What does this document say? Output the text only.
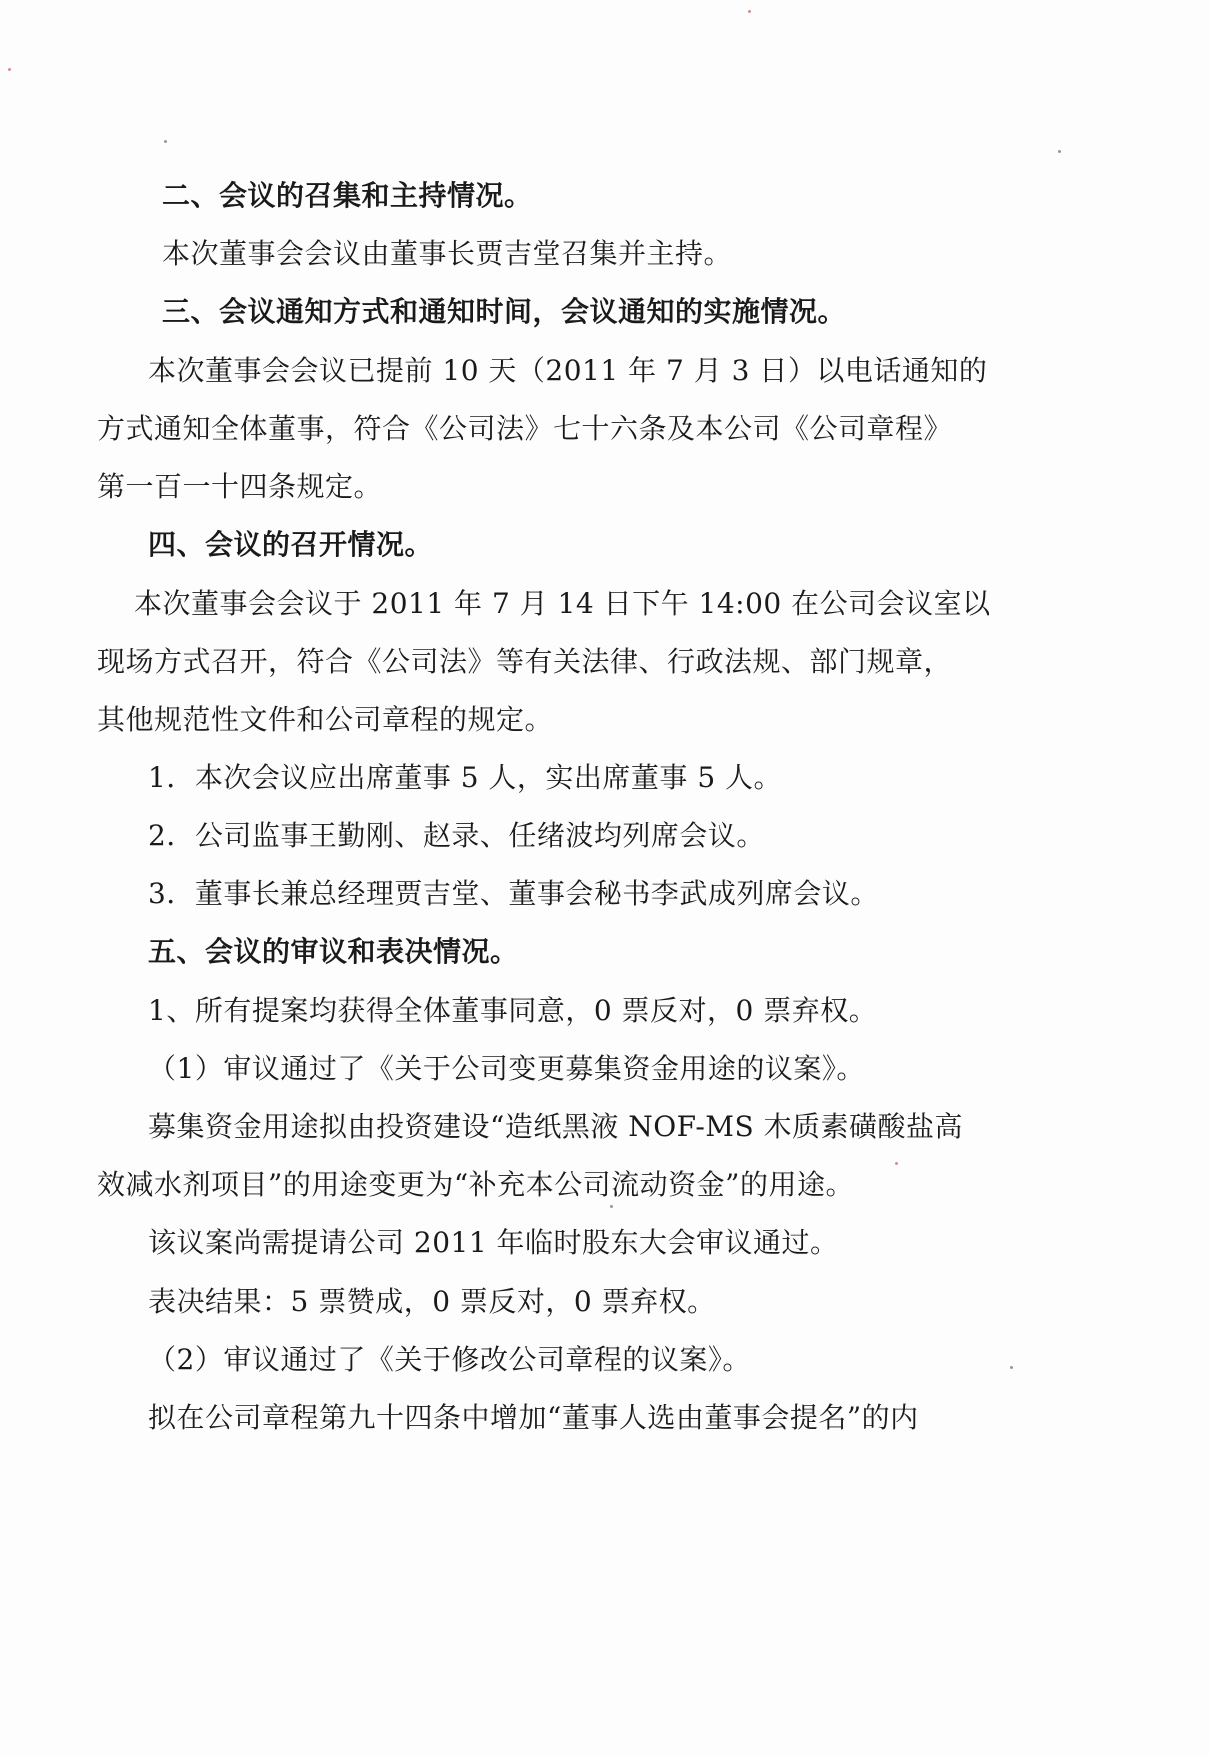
二、会议的召集和主持情况。
本次董事会会议由董事长贾吉堂召集并主持。
三、会议通知方式和通知时间，会议通知的实施情况。
本次董事会会议已提前 10 天（2011 年 7 月 3 日）以电话通知的
方式通知全体董事，符合《公司法》七十六条及本公司《公司章程》
第一百一十四条规定。
四、会议的召开情况。
本次董事会会议于 2011 年 7 月 14 日下午 14:00 在公司会议室以
现场方式召开，符合《公司法》等有关法律、行政法规、部门规章，
其他规范性文件和公司章程的规定。
1．本次会议应出席董事 5 人，实出席董事 5 人。
2．公司监事王勤刚、赵录、任绪波均列席会议。
3．董事长兼总经理贾吉堂、董事会秘书李武成列席会议。
五、会议的审议和表决情况。
1、所有提案均获得全体董事同意，0 票反对，0 票弃权。
（1）审议通过了《关于公司变更募集资金用途的议案》。
募集资金用途拟由投资建设“造纸黑液 NOF-MS 木质素磺酸盐高
效减水剂项目”的用途变更为“补充本公司流动资金”的用途。
该议案尚需提请公司 2011 年临时股东大会审议通过。
表决结果：5 票赞成，0 票反对，0 票弃权。
（2）审议通过了《关于修改公司章程的议案》。
拟在公司章程第九十四条中增加“董事人选由董事会提名”的内
